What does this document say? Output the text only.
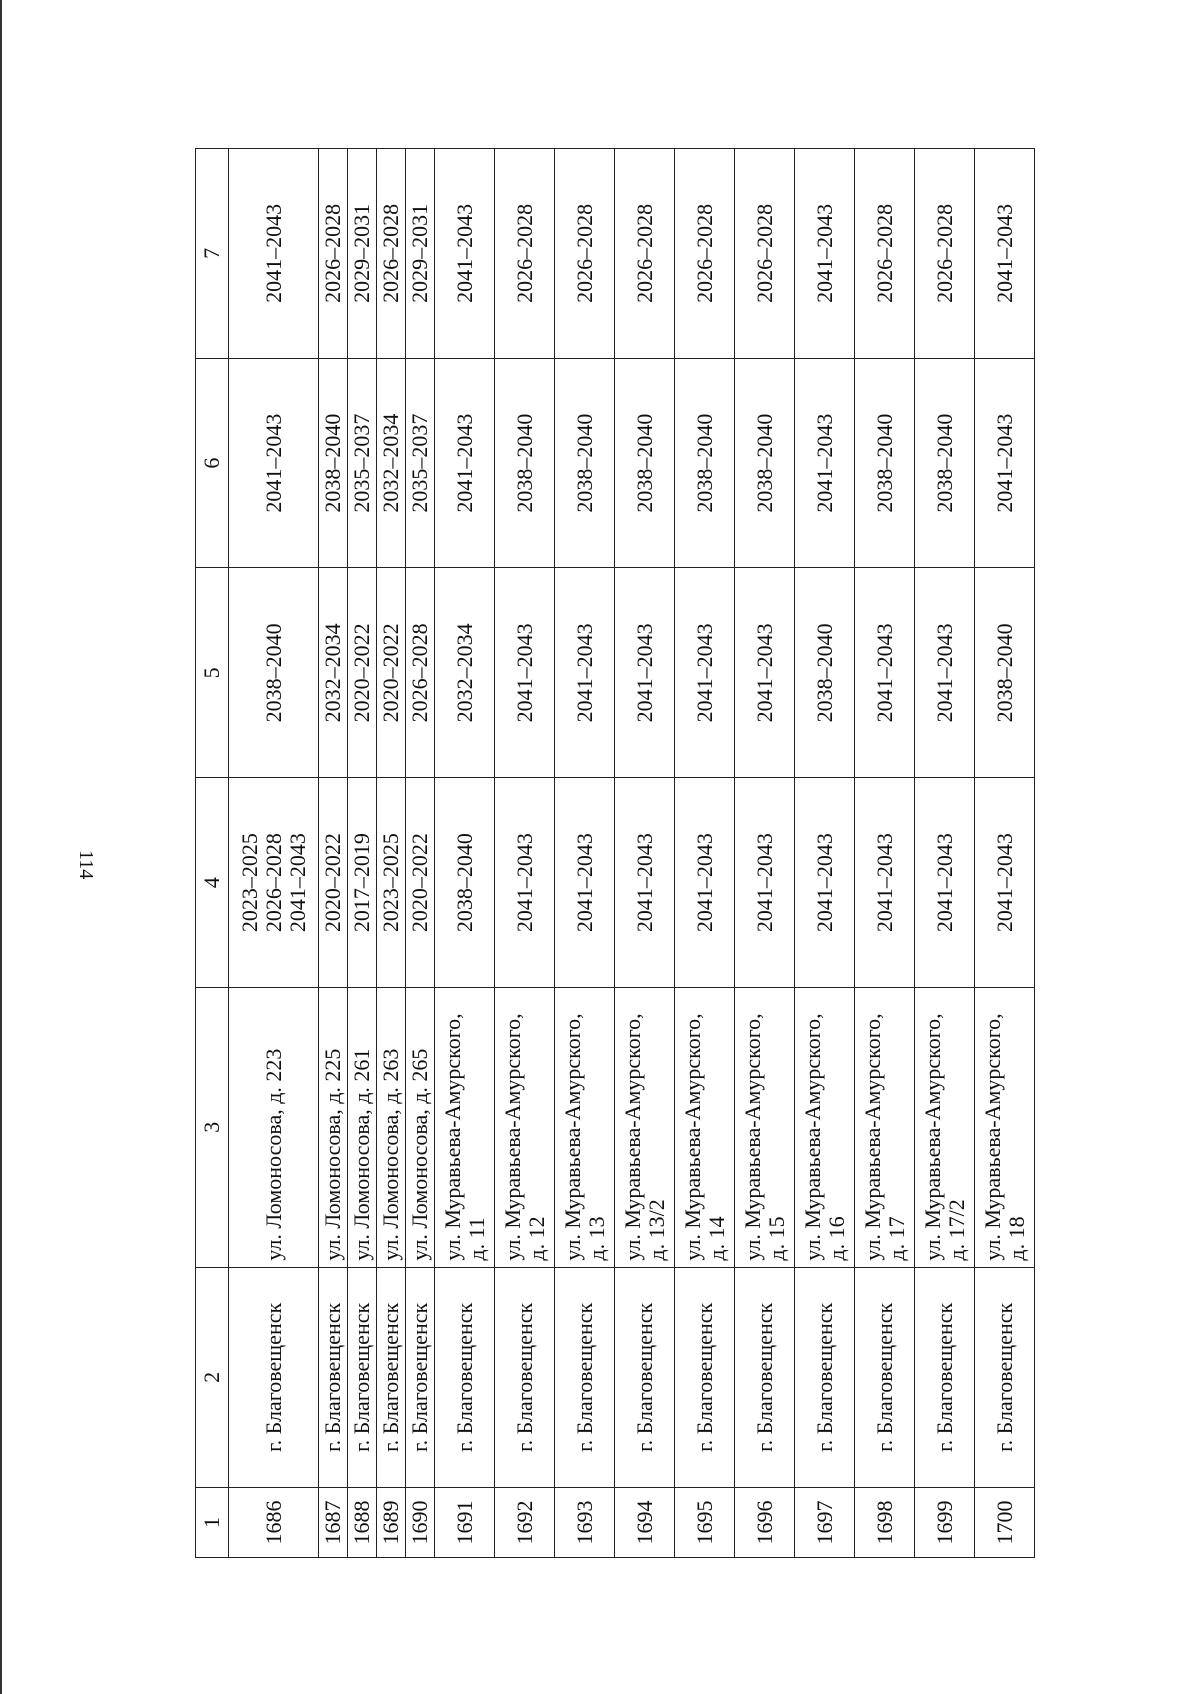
114
1	2	3	4	5	6	7
1686	г. Благовещенск	ул. Ломоносова, д. 223	2023–2025 2026–2028 2041–2043	2038–2040	2041–2043	2041–2043
1687	г. Благовещенск	ул. Ломоносова, д. 225	2020–2022	2032–2034	2038–2040	2026–2028
1688	г. Благовещенск	ул. Ломоносова, д. 261	2017–2019	2020–2022	2035–2037	2029–2031
1689	г. Благовещенск	ул. Ломоносова, д. 263	2023–2025	2020–2022	2032–2034	2026–2028
1690	г. Благовещенск	ул. Ломоносова, д. 265	2020–2022	2026–2028	2035–2037	2029–2031
1691	г. Благовещенск	ул. Муравьева-Амурского, д. 11	2038–2040	2032–2034	2041–2043	2041–2043
1692	г. Благовещенск	ул. Муравьева-Амурского, д. 12	2041–2043	2041–2043	2038–2040	2026–2028
1693	г. Благовещенск	ул. Муравьева-Амурского, д. 13	2041–2043	2041–2043	2038–2040	2026–2028
1694	г. Благовещенск	ул. Муравьева-Амурского, д. 13/2	2041–2043	2041–2043	2038–2040	2026–2028
1695	г. Благовещенск	ул. Муравьева-Амурского, д. 14	2041–2043	2041–2043	2038–2040	2026–2028
1696	г. Благовещенск	ул. Муравьева-Амурского, д. 15	2041–2043	2041–2043	2038–2040	2026–2028
1697	г. Благовещенск	ул. Муравьева-Амурского, д. 16	2041–2043	2038–2040	2041–2043	2041–2043
1698	г. Благовещенск	ул. Муравьева-Амурского, д. 17	2041–2043	2041–2043	2038–2040	2026–2028
1699	г. Благовещенск	ул. Муравьева-Амурского, д. 17/2	2041–2043	2041–2043	2038–2040	2026–2028
1700	г. Благовещенск	ул. Муравьева-Амурского, д. 18	2041–2043	2038–2040	2041–2043	2041–2043
